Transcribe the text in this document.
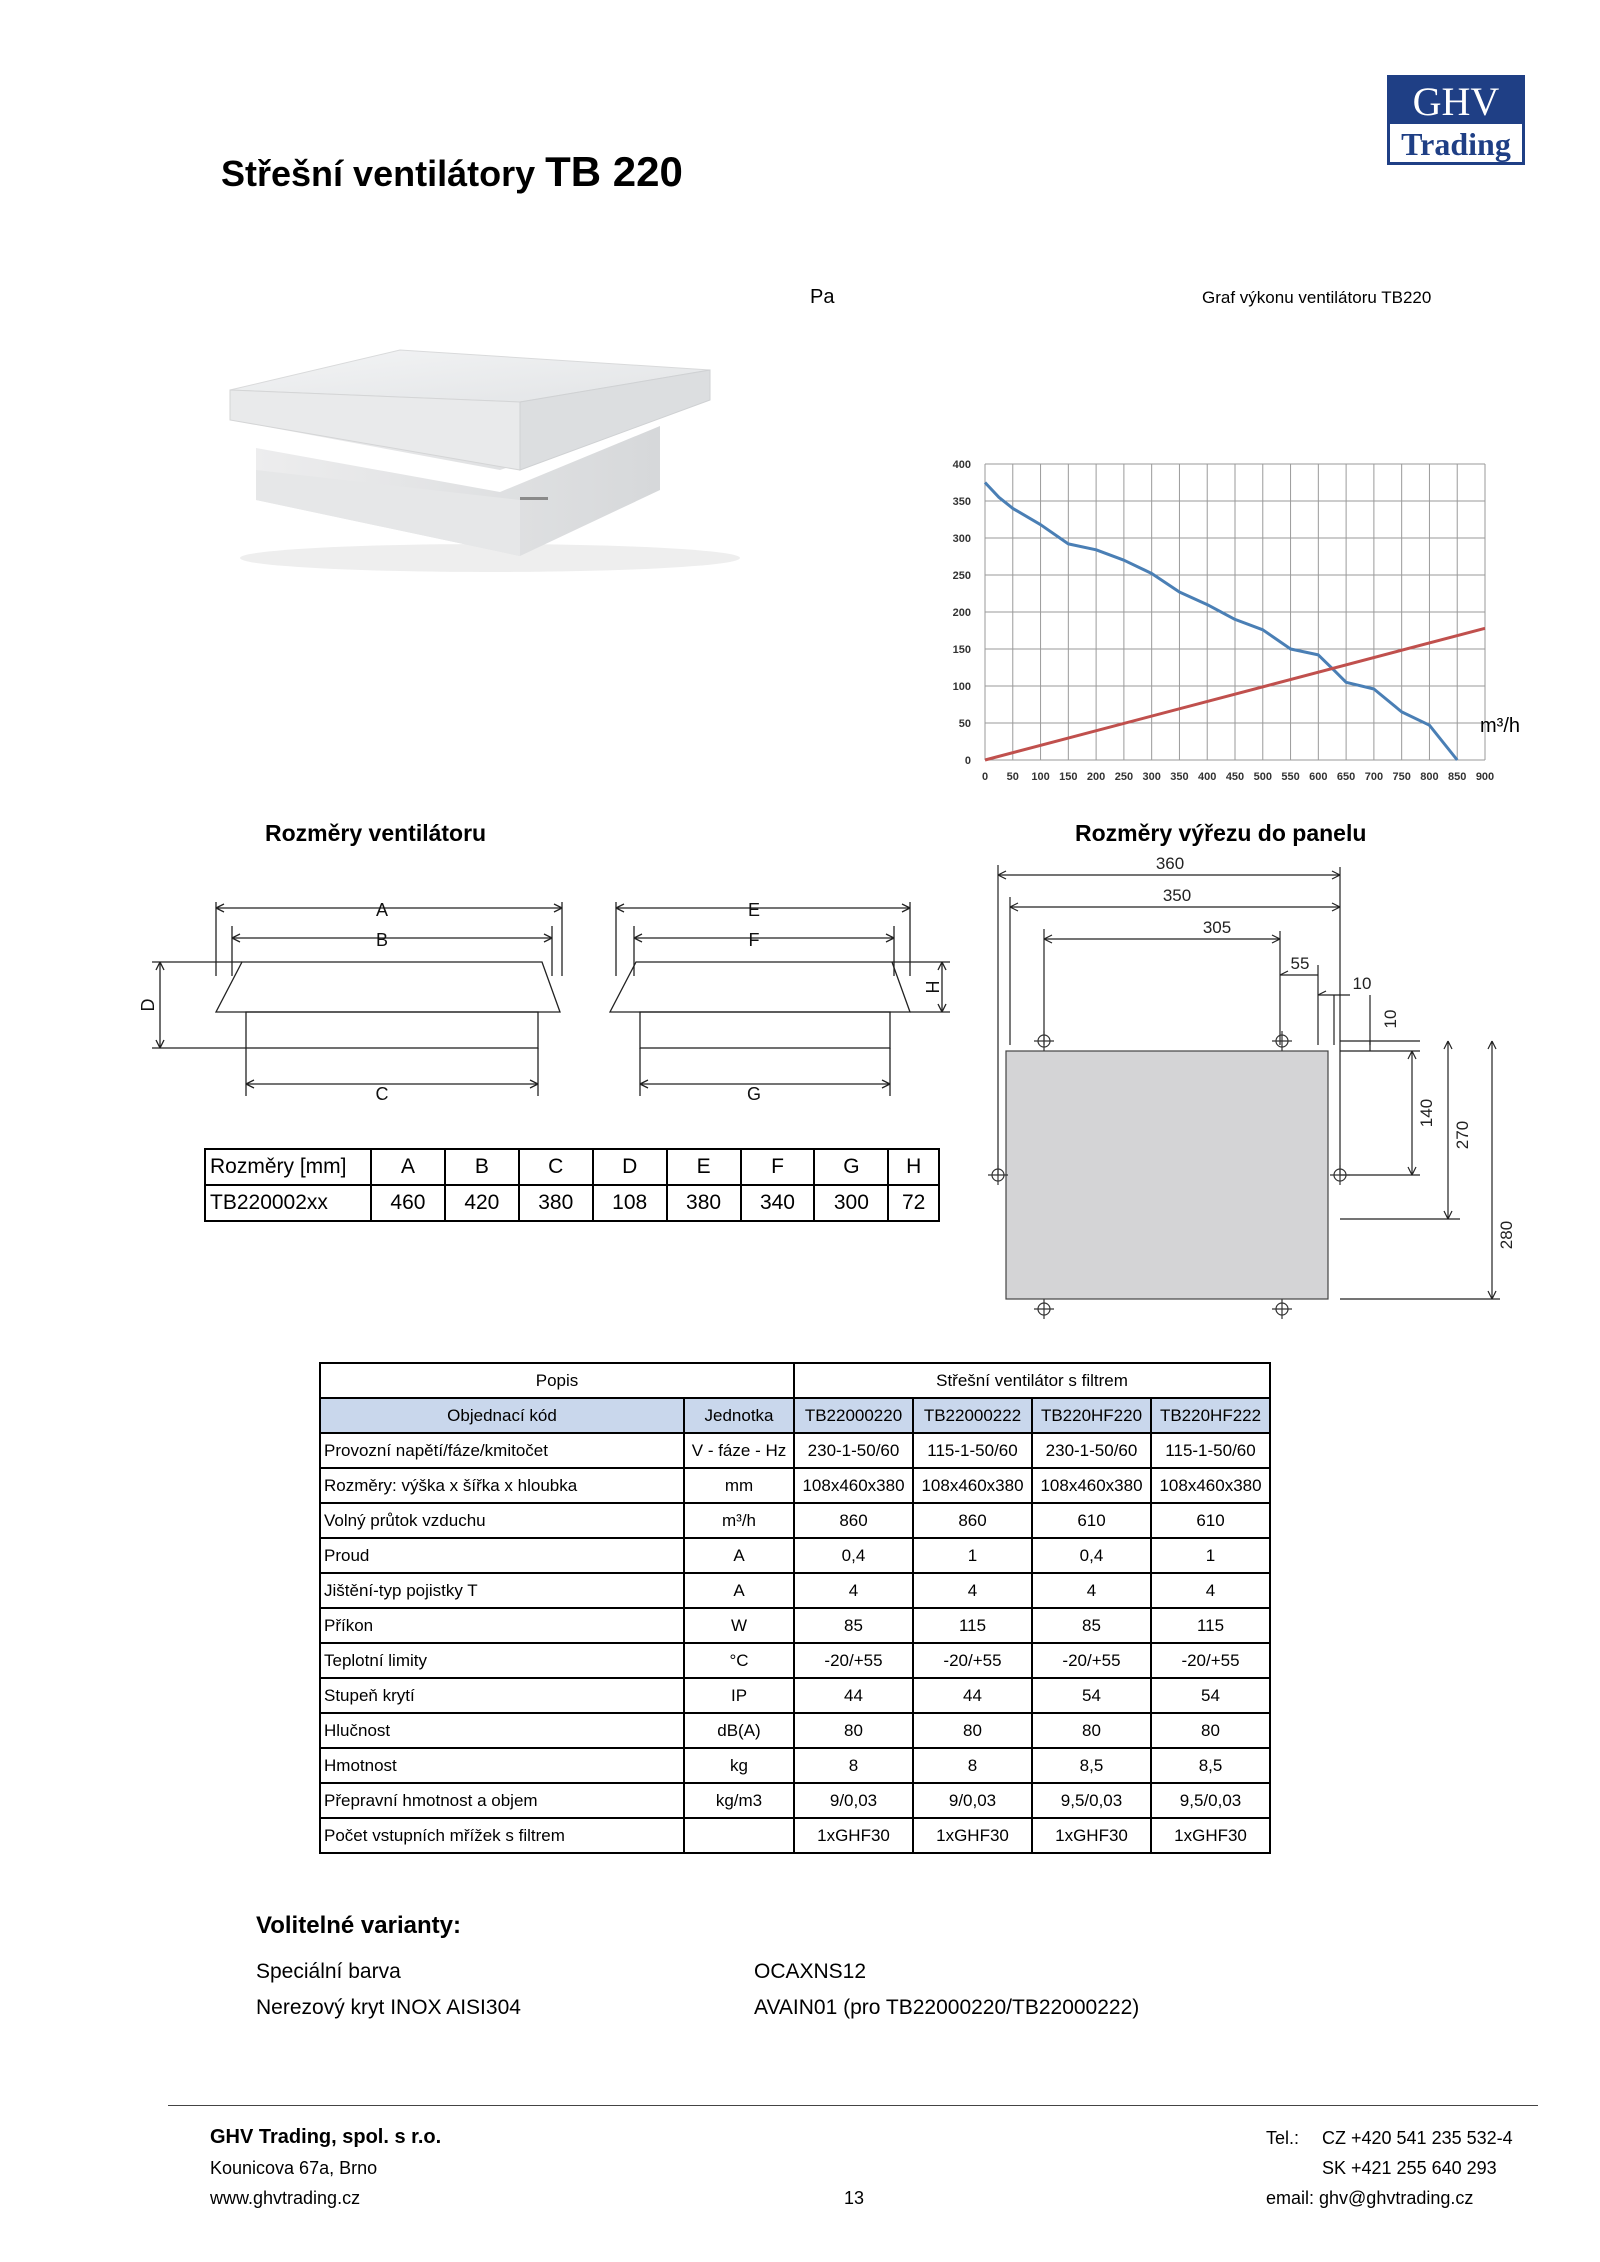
Střešní ventilátory TB 220
GHV
Trading
Pa	Graf výkonu ventilátoru TB220
0 50 100 150 200 250 300 350 400 450 500 550 600 650 700 750 800 850 900
0
50
100
150
200
250
300
350
400
m³/h
Rozměry ventilátoru	Rozměry výřezu do panelu
A
B
C
D
E
F
G
H
360
350
305
55
10
10
140
270
280
Rozměry [mm]	A	B	C	D	E	F	G	H
TB220002xx	460	420	380	108	380	340	300	72
Popis		Střešní ventilátor s filtrem			
Objednací kód	Jednotka	TB22000220	TB22000222	TB220HF220	TB220HF222
Provozní napětí/fáze/kmitočet	V - fáze - Hz	230-1-50/60	115-1-50/60	230-1-50/60	115-1-50/60
Rozměry: výška x šířka x hloubka	mm	108x460x380	108x460x380	108x460x380	108x460x380
Volný průtok vzduchu	m³/h	860	860	610	610
Proud	A	0,4	1	0,4	1
Jištění-typ pojistky T	A	4	4	4	4
Příkon	W	85	115	85	115
Teplotní limity	°C	-20/+55	-20/+55	-20/+55	-20/+55
Stupeň krytí	IP	44	44	54	54
Hlučnost	dB(A)	80	80	80	80
Hmotnost	kg	8	8	8,5	8,5
Přepravní hmotnost a objem	kg/m3	9/0,03	9/0,03	9,5/0,03	9,5/0,03
Počet vstupních mřížek s filtrem		1xGHF30	1xGHF30	1xGHF30	1xGHF30
Volitelné varianty:
Speciální barva	OCAXNS12
Nerezový kryt INOX AISI304	AVAIN01 (pro TB22000220/TB22000222)
GHV Trading, spol. s r.o.
Kounicova 67a, Brno
www.ghvtrading.cz	13
Tel.: CZ +420 541 235 532-4
SK +421 255 640 293
email: ghv@ghvtrading.cz
